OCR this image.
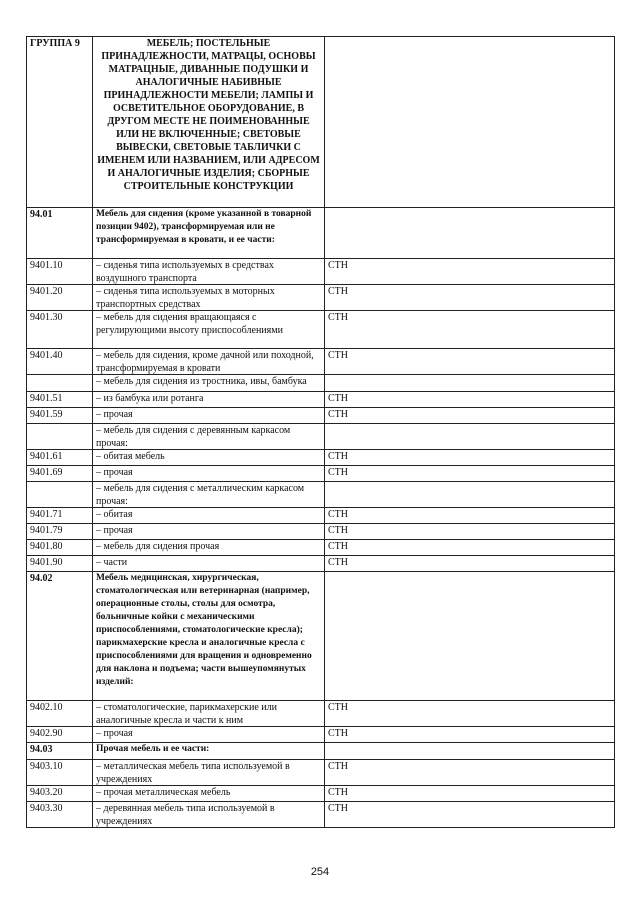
ГРУППА 9	МЕБЕЛЬ; ПОСТЕЛЬНЫЕ ПРИНАДЛЕЖНОСТИ, МАТРАЦЫ, ОСНОВЫ МАТРАЦНЫЕ, ДИВАННЫЕ ПОДУШКИ И АНАЛОГИЧНЫЕ НАБИВНЫЕ ПРИНАДЛЕЖНОСТИ МЕБЕЛИ; ЛАМПЫ И ОСВЕТИТЕЛЬНОЕ ОБОРУДОВАНИЕ, В ДРУГОМ МЕСТЕ НЕ ПОИМЕНОВАННЫЕ ИЛИ НЕ ВКЛЮЧЕННЫЕ; СВЕТОВЫЕ ВЫВЕСКИ, СВЕТОВЫЕ ТАБЛИЧКИ С ИМЕНЕМ ИЛИ НАЗВАНИЕМ, ИЛИ АДРЕСОМ И АНАЛОГИЧНЫЕ ИЗДЕЛИЯ; СБОРНЫЕ СТРОИТЕЛЬНЫЕ КОНСТРУКЦИИ	

94.01	Мебель для сидения (кроме указанной в товарной позиции 9402), трансформируемая или не трансформируемая в кровати, и ее части:	

9401.10	– сиденья типа используемых в средствах воздушного транспорта	СТН
9401.20	– сиденья типа используемых в моторных транспортных средствах	СТН
9401.30	– мебель для сидения вращающаяся с регулирующими высоту приспособлениями	СТН
9401.40	– мебель для сидения, кроме дачной или походной, трансформируемая в кровати	СТН

	– мебель для сидения из тростника, ивы, бамбука	

9401.51	– из бамбука или ротанга	СТН
9401.59	– прочая	СТН

	– мебель для сидения с деревянным каркасом прочая:	

9401.61	– обитая мебель	СТН
9401.69	– прочая	СТН

	– мебель для сидения с металлическим каркасом прочая:	

9401.71	– обитая	СТН
9401.79	– прочая	СТН
9401.80	– мебель для сидения прочая	СТН
9401.90	– части	СТН
94.02	Мебель медицинская, хирургическая, стоматологическая или ветеринарная (например, операционные столы, столы для осмотра, больничные койки с механическими приспособлениями, стоматологические кресла); парикмахерские кресла и аналогичные кресла с приспособлениями для вращения и одновременно для наклона и подъема; части вышеупомянутых изделий:	

9402.10	– стоматологические, парикмахерские или аналогичные кресла и части к ним	СТН
9402.90	– прочая	СТН
94.03	Прочая мебель и ее части:	

9403.10	– металлическая мебель типа используемой в учреждениях	СТН
9403.20	– прочая металлическая мебель	СТН
9403.30	– деревянная мебель типа используемой в учреждениях	СТН
254
